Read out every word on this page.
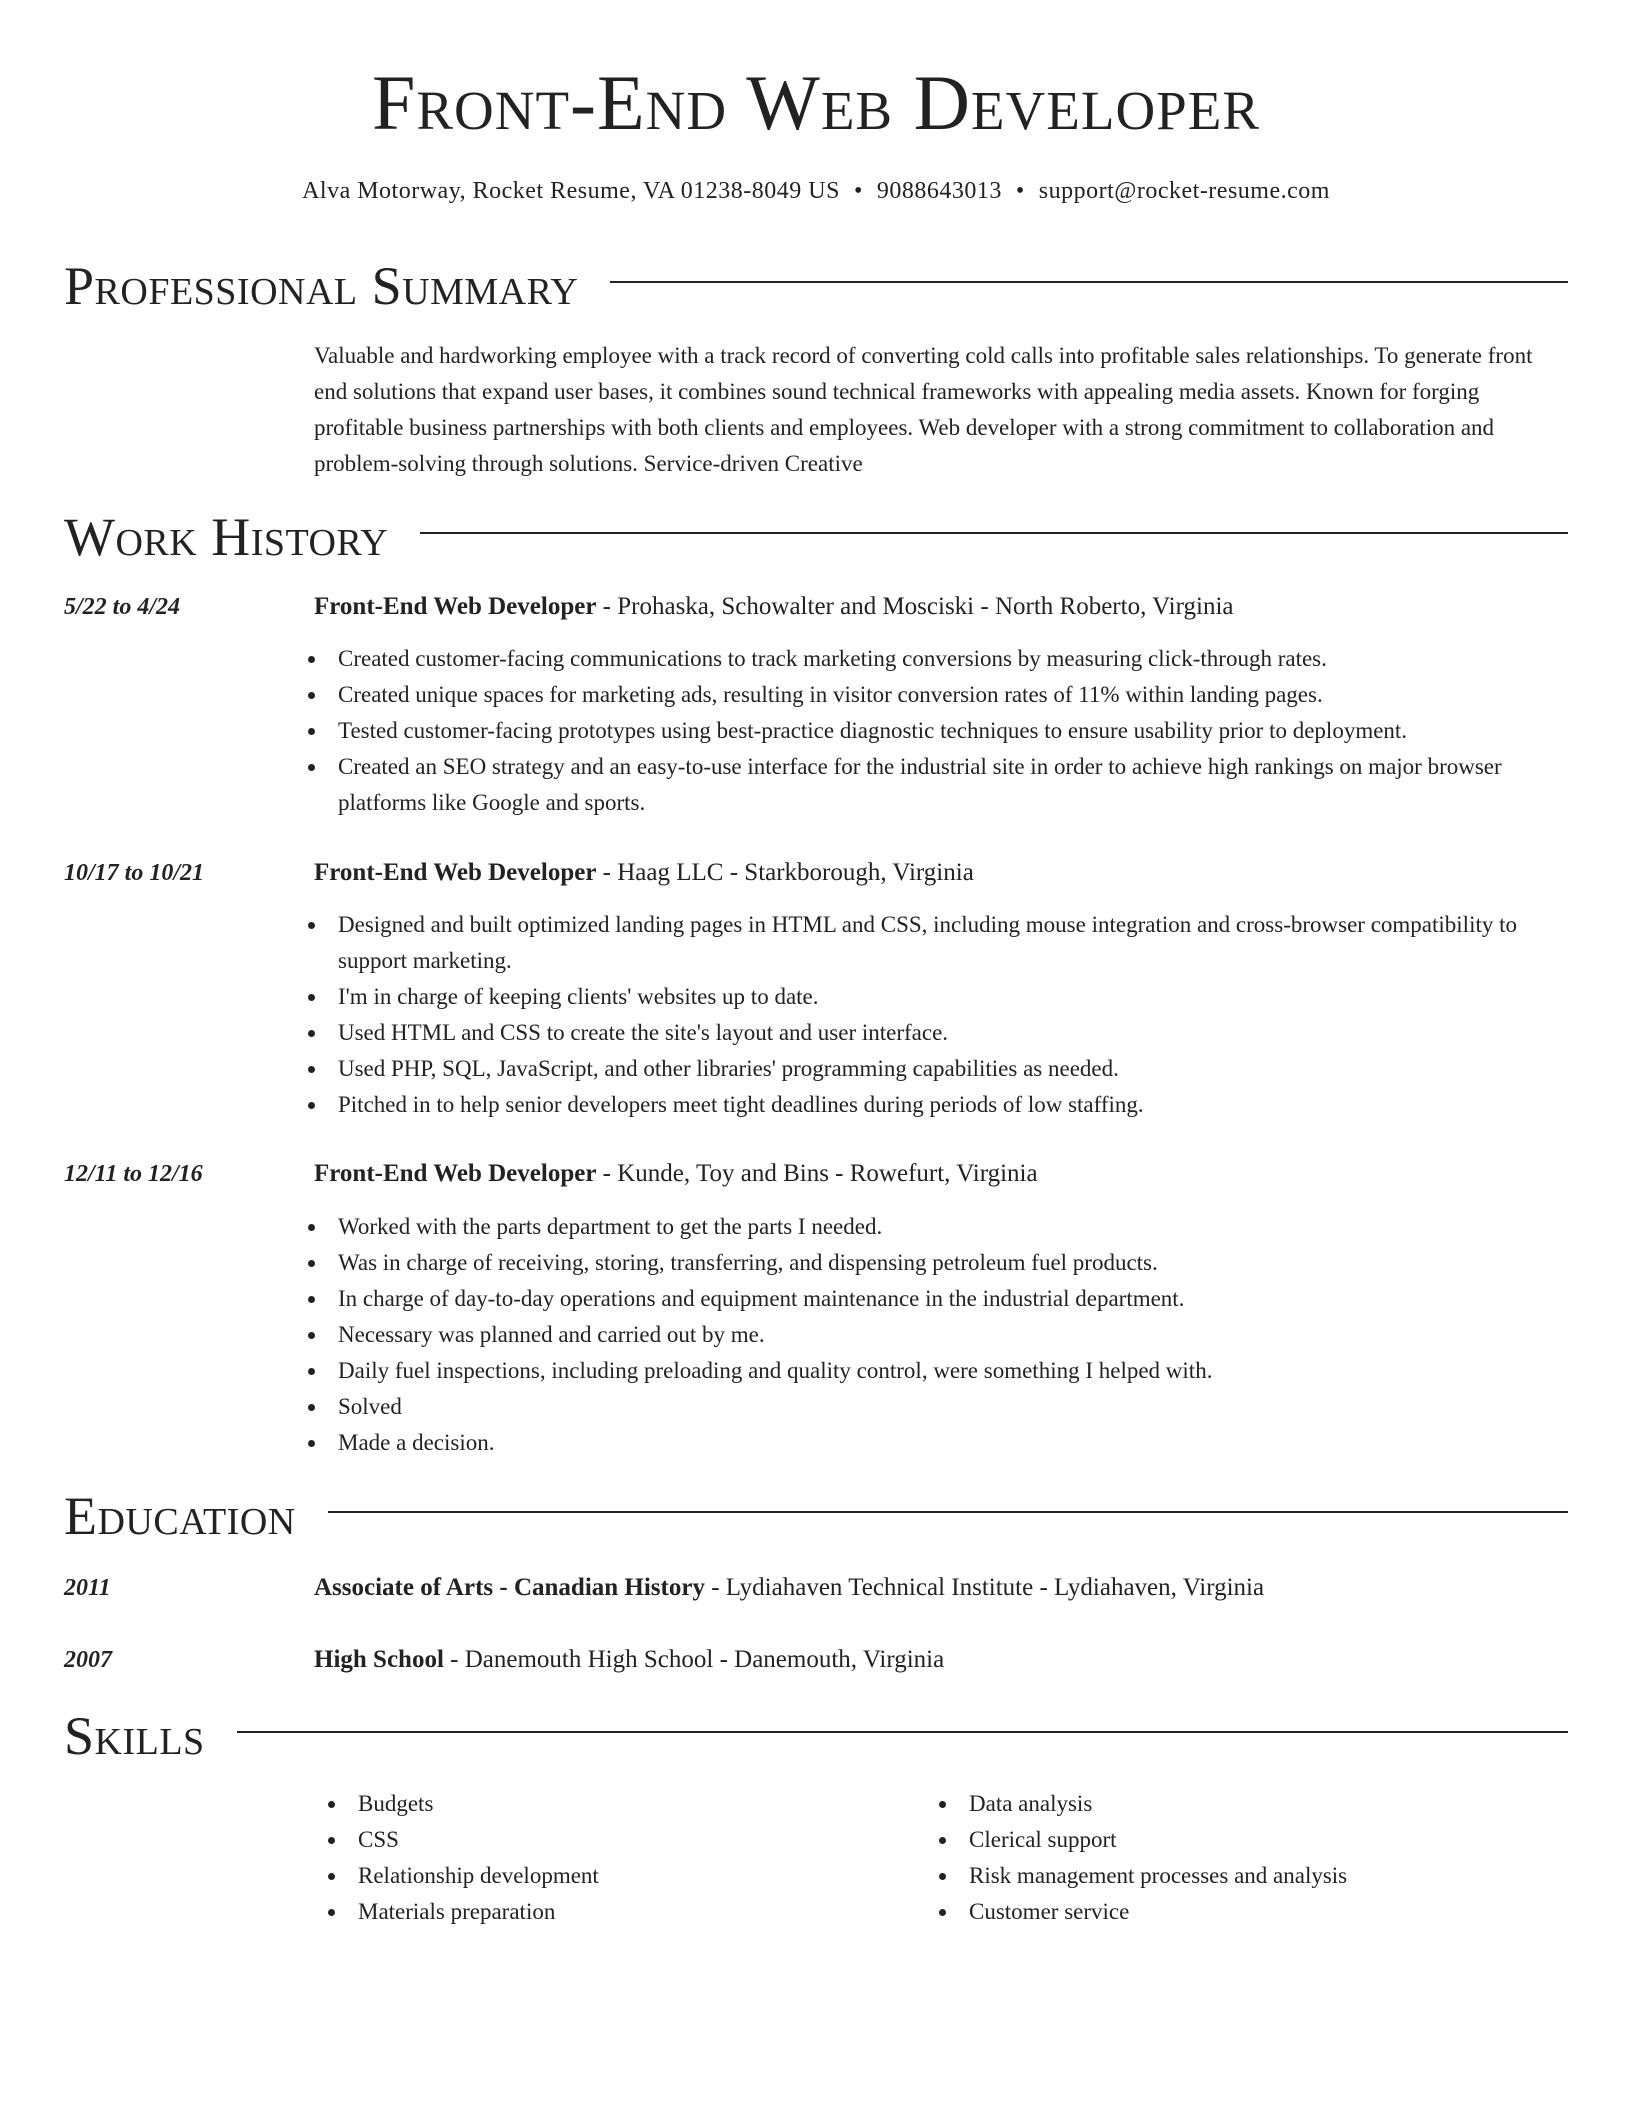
Front-End Web Developer
Alva Motorway, Rocket Resume, VA 01238-8049 US • 9088643013 • support@rocket-resume.com
Professional Summary
Valuable and hardworking employee with a track record of converting cold calls into profitable sales relationships. To generate front end solutions that expand user bases, it combines sound technical frameworks with appealing media assets. Known for forging profitable business partnerships with both clients and employees. Web developer with a strong commitment to collaboration and problem-solving through solutions. Service-driven Creative
Work History
5/22 to 4/24	Front-End Web Developer - Prohaska, Schowalter and Mosciski - North Roberto, Virginia
Created customer-facing communications to track marketing conversions by measuring click-through rates.
Created unique spaces for marketing ads, resulting in visitor conversion rates of 11% within landing pages.
Tested customer-facing prototypes using best-practice diagnostic techniques to ensure usability prior to deployment.
Created an SEO strategy and an easy-to-use interface for the industrial site in order to achieve high rankings on major browser platforms like Google and sports.
10/17 to 10/21	Front-End Web Developer - Haag LLC - Starkborough, Virginia
Designed and built optimized landing pages in HTML and CSS, including mouse integration and cross-browser compatibility to support marketing.
I'm in charge of keeping clients' websites up to date.
Used HTML and CSS to create the site's layout and user interface.
Used PHP, SQL, JavaScript, and other libraries' programming capabilities as needed.
Pitched in to help senior developers meet tight deadlines during periods of low staffing.
12/11 to 12/16	Front-End Web Developer - Kunde, Toy and Bins - Rowefurt, Virginia
Worked with the parts department to get the parts I needed.
Was in charge of receiving, storing, transferring, and dispensing petroleum fuel products.
In charge of day-to-day operations and equipment maintenance in the industrial department.
Necessary was planned and carried out by me.
Daily fuel inspections, including preloading and quality control, were something I helped with.
Solved
Made a decision.
Education
2011	Associate of Arts - Canadian History - Lydiahaven Technical Institute - Lydiahaven, Virginia
2007	High School - Danemouth High School - Danemouth, Virginia
Skills
Budgets
CSS
Relationship development
Materials preparation
Data analysis
Clerical support
Risk management processes and analysis
Customer service
